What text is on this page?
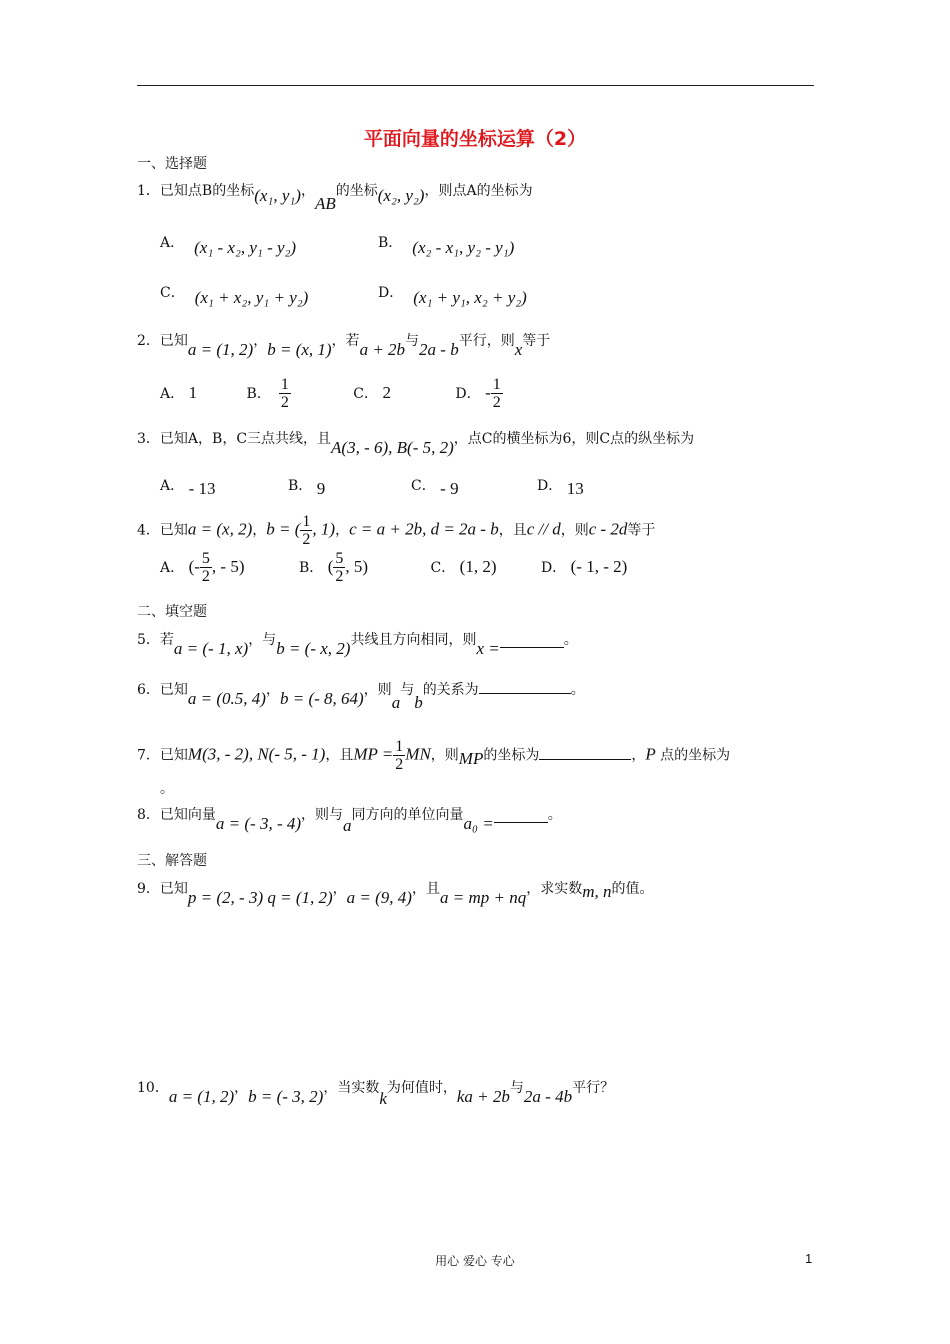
平面向量的坐标运算（2）
一、选择题
1．已知点B的坐标(x₁, y₁)，AB的坐标(x₂, y₂)，则点A的坐标为
A． (x₁ - x₂, y₁ - y₂)	B． (x₂ - x₁, y₂ - y₁)
C． (x₁ + x₂, y₁ + y₂)	D． (x₁ + y₁, x₂ + y₂)
2．已知a = (1, 2)，b = (x, 1)，若a + 2b与2a - b平行，则x等于
A． 1	B． $\frac{1}{2}$	C． 2	D． - $\frac{1}{2}$
3．已知A，B，C三点共线，且A(3, - 6), B(- 5, 2)，点C的横坐标为6，则C点的纵坐标为
A． - 13	B． 9	C． - 9	D． 13
4．已知a = (x, 2)，b = ( $\frac{1}{2}$ , 1)，c = a + 2b, d = 2a - b，且c // d，则c - 2d等于
A． (- $\frac{5}{2}$ , - 5)	B． ( $\frac{5}{2}$ , 5)	C． (1, 2)	D． (- 1, - 2)
二、填空题
5．若a = (- 1, x)，与b = (- x, 2)共线且方向相同，则x =	。
6．已知a = (0.5, 4)，b = (- 8, 64)，则a与b的关系为	。
7．已知M(3, - 2), N(- 5, - 1)，且MP = $\frac{1}{2}$ MN，则MP的坐标为	，P 点的坐标为
。
8．已知向量a = (- 3, - 4)，则与a同方向的单位向量a₀ =	。
三、解答题
9．已知p = (2, - 3) q = (1, 2)，a = (9, 4)，且a = mp + nq，求实数m, n的值。
10．a = (1, 2)，b = (- 3, 2)，当实数k为何值时，ka + 2b与2a - 4b平行？
用心 爱心 专心	1
